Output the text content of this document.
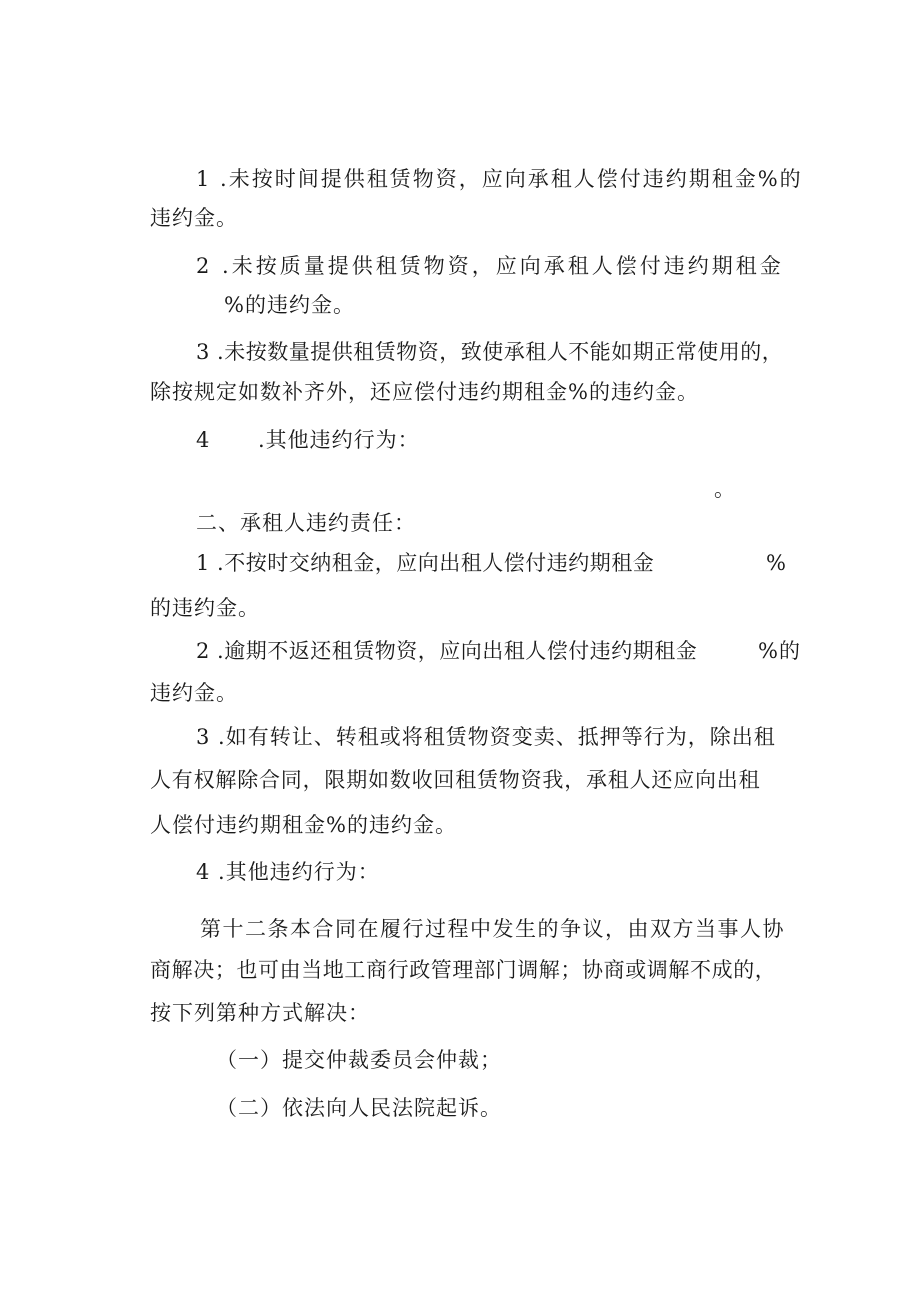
1 .未按时间提供租赁物资，应向承租人偿付违约期租金%的
违约金。
2 .未按质量提供租赁物资，应向承租人偿付违约期租金
%的违约金。
3 .未按数量提供租赁物资，致使承租人不能如期正常使用的，
除按规定如数补齐外，还应偿付违约期租金%的违约金。
4	.其他违约行为：
。
二、承租人违约责任：
1 .不按时交纳租金，应向出租人偿付违约期租金	%
的违约金。
2 .逾期不返还租赁物资，应向出租人偿付违约期租金	%的
违约金。
3 .如有转让、转租或将租赁物资变卖、抵押等行为，除出租
人有权解除合同，限期如数收回租赁物资我，承租人还应向出租
人偿付违约期租金%的违约金。
4 .其他违约行为：
第十二条本合同在履行过程中发生的争议，由双方当事人协
商解决；也可由当地工商行政管理部门调解；协商或调解不成的，
按下列第种方式解决：
（一）提交仲裁委员会仲裁；
（二）依法向人民法院起诉。
